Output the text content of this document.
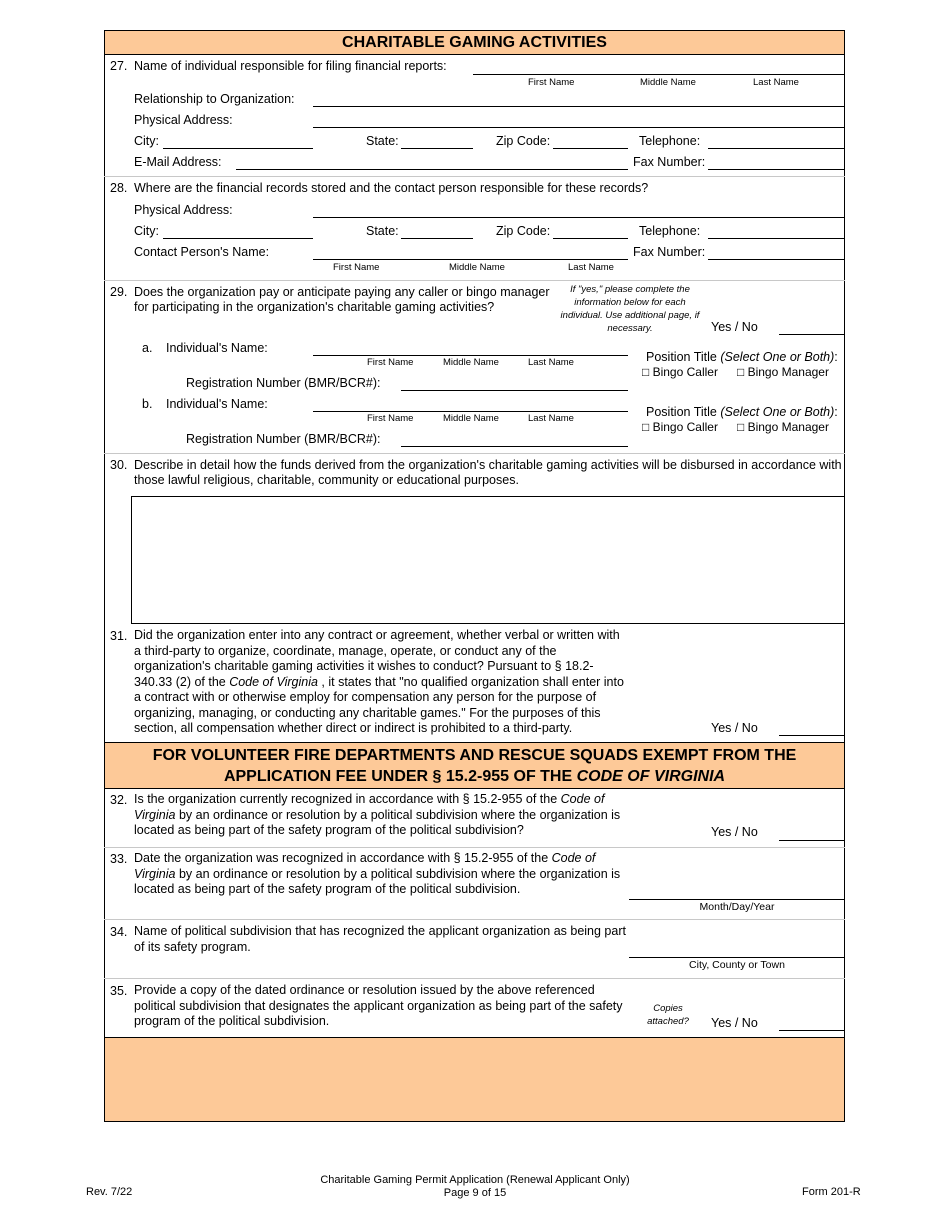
CHARITABLE GAMING ACTIVITIES
27. Name of individual responsible for filing financial reports:
First Name	Middle Name	Last Name
Relationship to Organization:
Physical Address:
City:	State:	Zip Code:	Telephone:
E-Mail Address:	Fax Number:
28. Where are the financial records stored and the contact person responsible for these records?
Physical Address:
City:	State:	Zip Code:	Telephone:
Contact Person's Name:	Fax Number:
First Name	Middle Name	Last Name
29. Does the organization pay or anticipate paying any caller or bingo manager
for participating in the organization's charitable gaming activities?
If "yes," please complete the information below for each individual. Use additional page, if necessary.	Yes / No
a. Individual's Name:
First Name	Middle Name	Last Name	Position Title (Select One or Both):
□ Bingo Caller □ Bingo Manager
Registration Number (BMR/BCR#):
b. Individual's Name:
First Name	Middle Name	Last Name	Position Title (Select One or Both):
□ Bingo Caller □ Bingo Manager
Registration Number (BMR/BCR#):
30. Describe in detail how the funds derived from the organization's charitable gaming activities will be disbursed in accordance with
those lawful religious, charitable, community or educational purposes.
31. Did the organization enter into any contract or agreement, whether verbal or written with
a third-party to organize, coordinate, manage, operate, or conduct any of the
organization's charitable gaming activities it wishes to conduct? Pursuant to § 18.2-
340.33 (2) of the Code of Virginia , it states that "no qualified organization shall enter into
a contract with or otherwise employ for compensation any person for the purpose of
organizing, managing, or conducting any charitable games." For the purposes of this
section, all compensation whether direct or indirect is prohibited to a third-party.	Yes / No
FOR VOLUNTEER FIRE DEPARTMENTS AND RESCUE SQUADS EXEMPT FROM THE
APPLICATION FEE UNDER § 15.2-955 OF THE CODE OF VIRGINIA
32. Is the organization currently recognized in accordance with § 15.2-955 of the Code of
Virginia by an ordinance or resolution by a political subdivision where the organization is
located as being part of the safety program of the political subdivision?	Yes / No
33. Date the organization was recognized in accordance with § 15.2-955 of the Code of
Virginia by an ordinance or resolution by a political subdivision where the organization is
located as being part of the safety program of the political subdivision.
Month/Day/Year
34. Name of political subdivision that has recognized the applicant organization as being part
of its safety program.
City, County or Town
35. Provide a copy of the dated ordinance or resolution issued by the above referenced
political subdivision that designates the applicant organization as being part of the safety
program of the political subdivision.
Copies
attached?	Yes / No
Rev. 7/22
Charitable Gaming Permit Application (Renewal Applicant Only)
Page 9 of 15	Form 201-R
